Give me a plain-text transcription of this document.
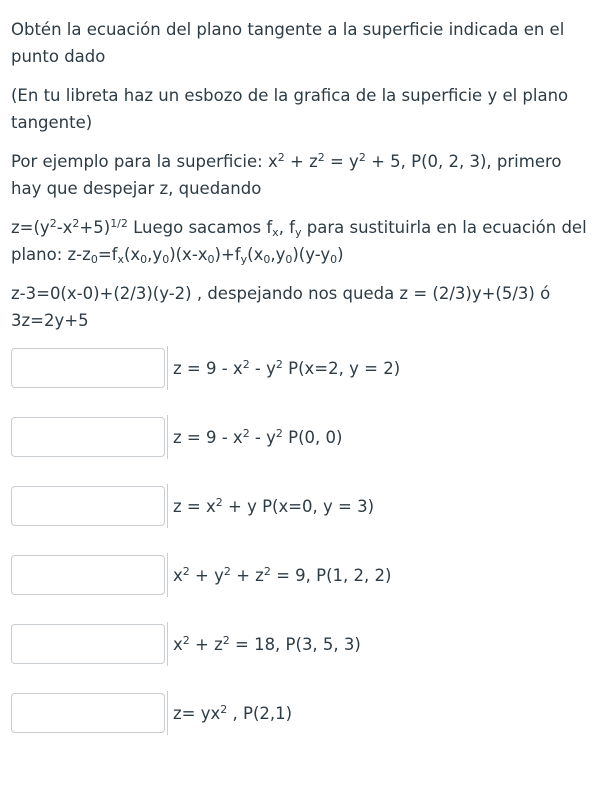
Obtén la ecuación del plano tangente a la superficie indicada en el punto dado

(En tu libreta haz un esbozo de la grafica de la superficie y el plano tangente)

Por ejemplo para la superficie: $x^2 + z^2 = y^2 + 5$, P(0, 2, 3), primero hay que despejar z, quedando

$z=(y^2-x^2+5)^{1/2}$ Luego sacamos $f_x$, $f_y$ para sustituirla en la ecuación del plano: $z-z_0=f_x(x_0,y_0)(x-x_0)+f_y(x_0,y_0)(y-y_0)$

z-3=0(x-0)+(2/3)(y-2) , despejando nos queda z = (2/3)y+(5/3) ó 3z=2y+5

$z = 9 - x^2 - y^2$ P(x=2, y = 2)
$z = 9 - x^2 - y^2$ P(0, 0)
$z = x^2 + y$ P(x=0, y = 3)
$x^2 + y^2 + z^2 = 9$, P(1, 2, 2)
$x^2 + z^2 = 18$, P(3, 5, 3)
$z= yx^2$ , P(2,1)
